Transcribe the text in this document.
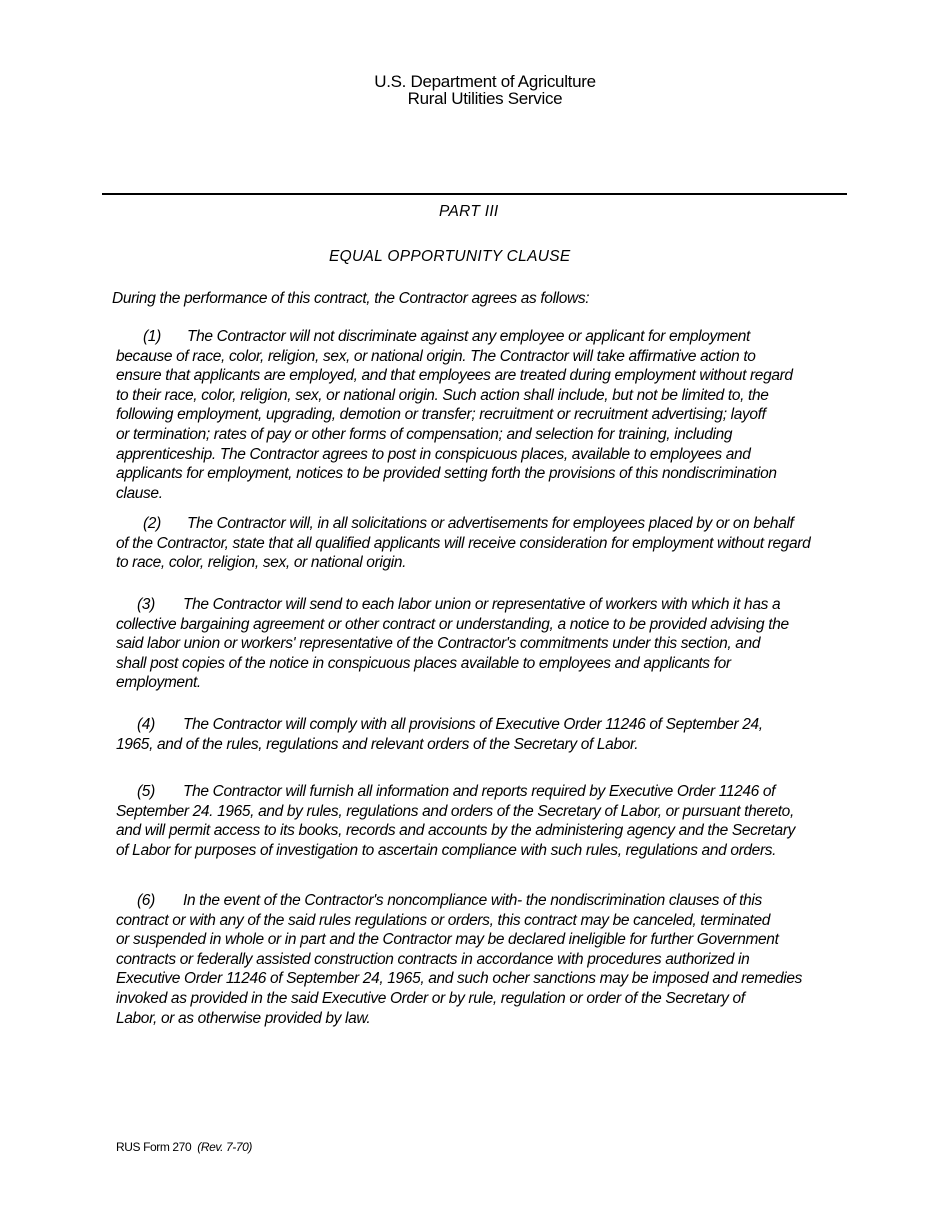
U.S. Department of Agriculture
Rural Utilities Service
PART III
EQUAL OPPORTUNITY CLAUSE
During the performance of this contract, the Contractor agrees as follows:
(1) The Contractor will not discriminate against any employee or applicant for employment
because of race, color, religion, sex, or national origin. The Contractor will take affirmative action to
ensure that applicants are employed, and that employees are treated during employment without regard
to their race, color, religion, sex, or national origin. Such action shall include, but not be limited to, the
following employment, upgrading, demotion or transfer; recruitment or recruitment advertising; layoff
or termination; rates of pay or other forms of compensation; and selection for training, including
apprenticeship. The Contractor agrees to post in conspicuous places, available to employees and
applicants for employment, notices to be provided setting forth the provisions of this nondiscrimination
clause.
(2) The Contractor will, in all solicitations or advertisements for employees placed by or on behalf
of the Contractor, state that all qualified applicants will receive consideration for employment without regard
to race, color, religion, sex, or national origin.
(3) The Contractor will send to each labor union or representative of workers with which it has a
collective bargaining agreement or other contract or understanding, a notice to be provided advising the
said labor union or workers' representative of the Contractor's commitments under this section, and
shall post copies of the notice in conspicuous places available to employees and applicants for
employment.
(4) The Contractor will comply with all provisions of Executive Order 11246 of September 24,
1965, and of the rules, regulations and relevant orders of the Secretary of Labor.
(5) The Contractor will furnish all information and reports required by Executive Order 11246 of
September 24. 1965, and by rules, regulations and orders of the Secretary of Labor, or pursuant thereto,
and will permit access to its books, records and accounts by the administering agency and the Secretary
of Labor for purposes of investigation to ascertain compliance with such rules, regulations and orders.
(6) In the event of the Contractor's noncompliance with- the nondiscrimination clauses of this
contract or with any of the said rules regulations or orders, this contract may be canceled, terminated
or suspended in whole or in part and the Contractor may be declared ineligible for further Government
contracts or federally assisted construction contracts in accordance with procedures authorized in
Executive Order 11246 of September 24, 1965, and such ocher sanctions may be imposed and remedies
invoked as provided in the said Executive Order or by rule, regulation or order of the Secretary of
Labor, or as otherwise provided by law.
RUS Form 270 (Rev. 7-70)
